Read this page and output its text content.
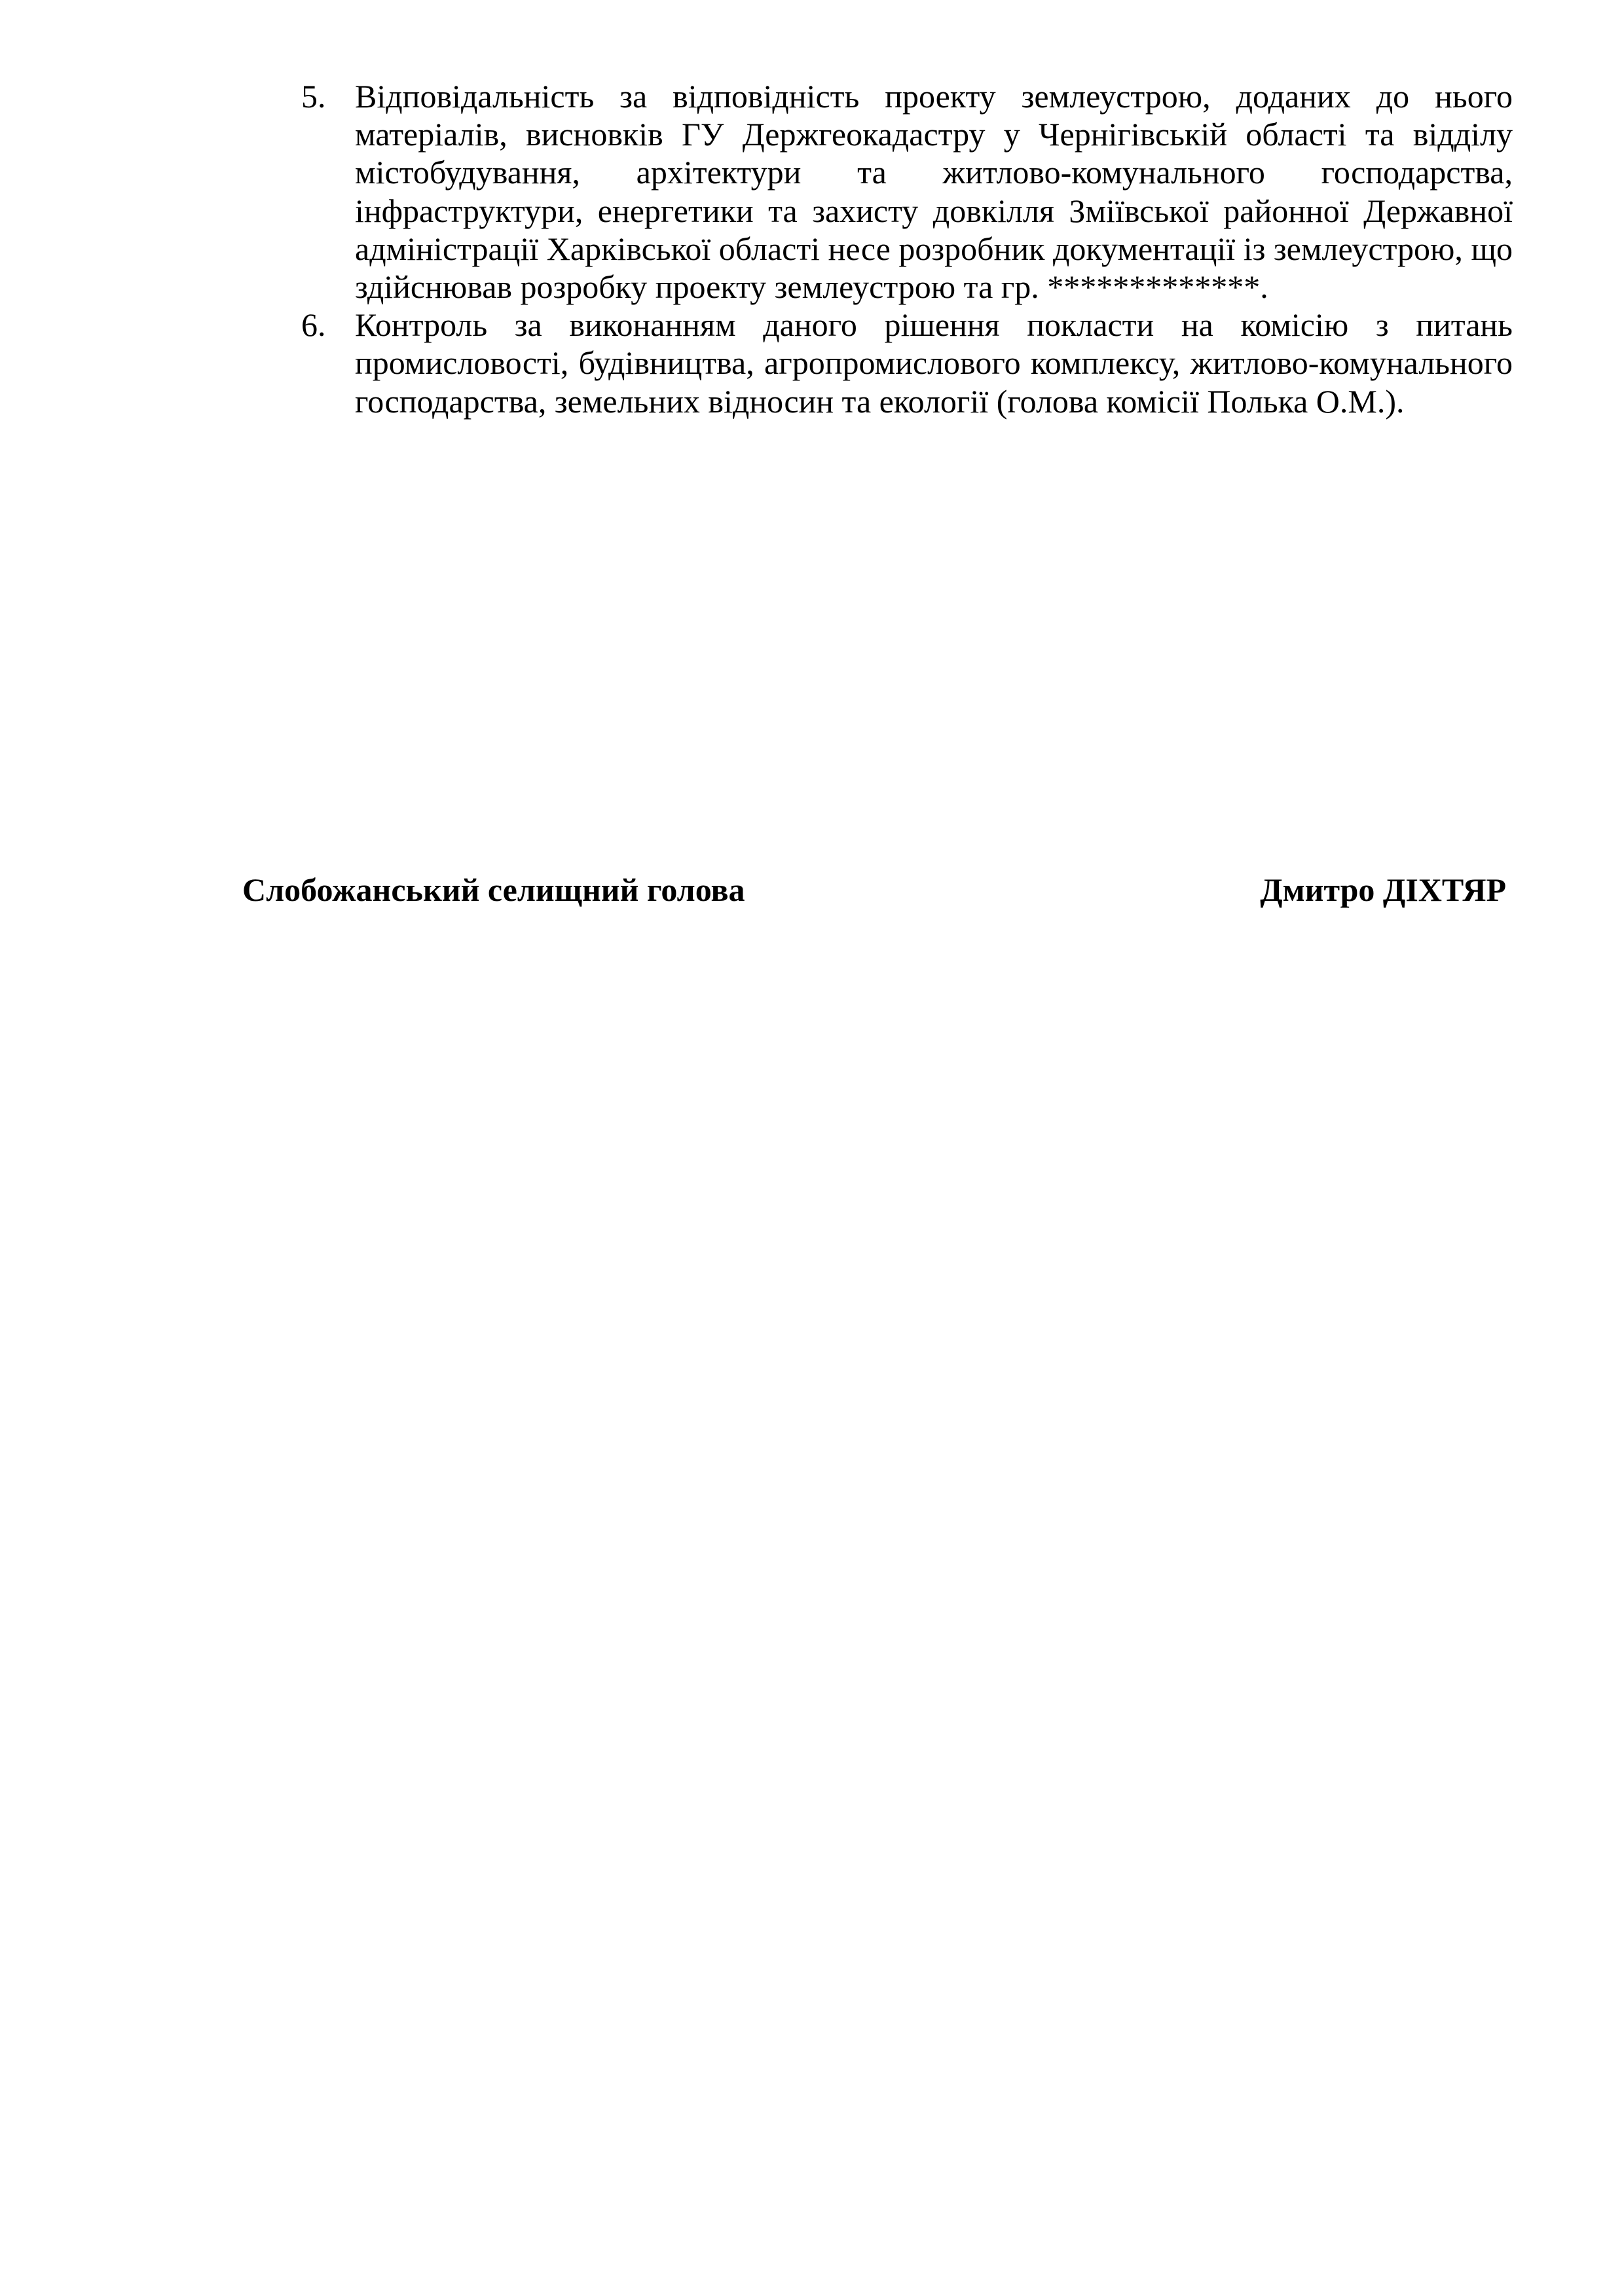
5. Відповідальність за відповідність проекту землеустрою, доданих до нього матеріалів, висновків ГУ Держгеокадастру у Чернігівській області та відділу містобудування, архітектури та житлово-комунального господарства, інфраструктури, енергетики та захисту довкілля Зміївської районної Державної адміністрації Харківської області несе розробник документації із землеустрою, що здійснював розробку проекту землеустрою та гр. *************.
6. Контроль за виконанням даного рішення покласти на комісію з питань промисловості, будівництва, агропромислового комплексу, житлово-комунального господарства, земельних відносин та екології (голова комісії Полька О.М.).
Слобожанський селищний голова	Дмитро ДІХТЯР
